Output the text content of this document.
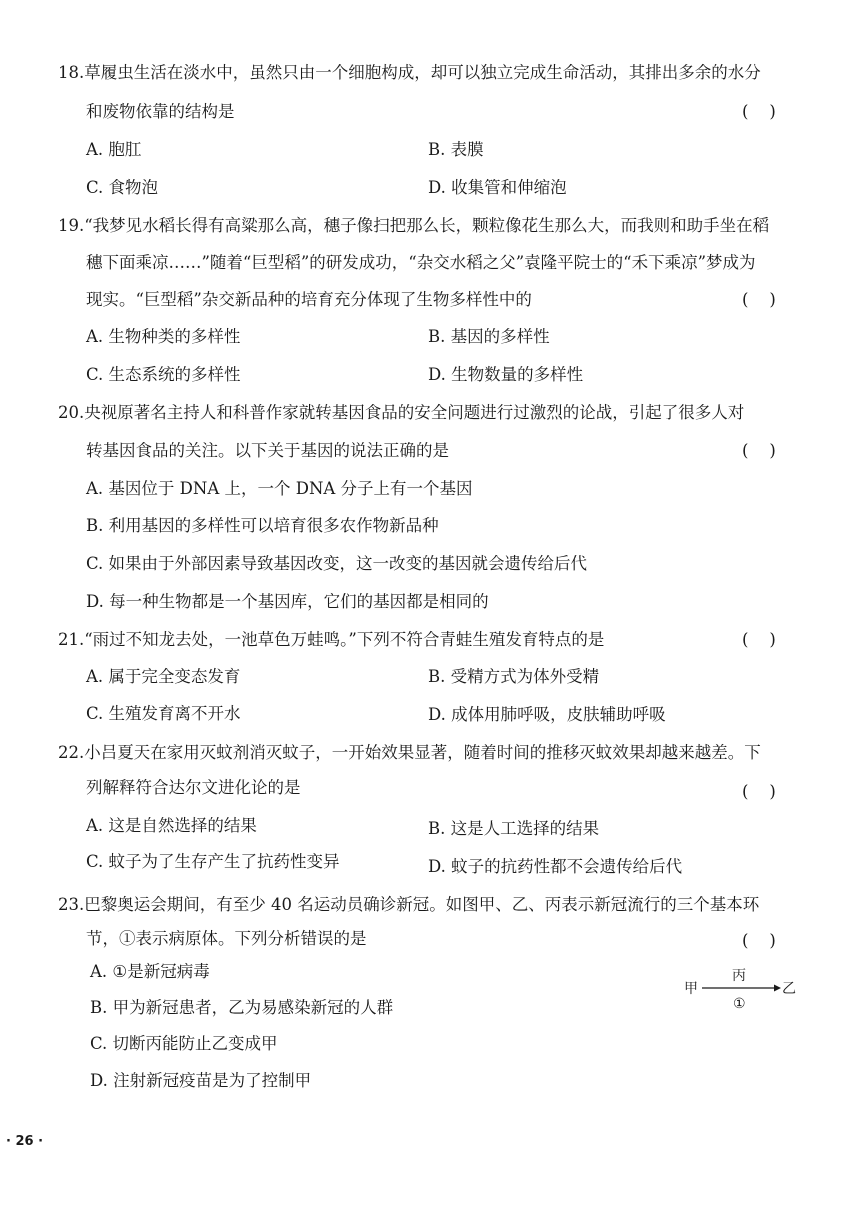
18.草履虫生活在淡水中，虽然只由一个细胞构成，却可以独立完成生命活动，其排出多余的水分
和废物依靠的结构是	(    )
A. 胞肛	B. 表膜
C. 食物泡	D. 收集管和伸缩泡
19.“我梦见水稻长得有高粱那么高，穗子像扫把那么长，颗粒像花生那么大，而我则和助手坐在稻
穗下面乘凉……”随着“巨型稻”的研发成功，“杂交水稻之父”袁隆平院士的“禾下乘凉”梦成为
现实。“巨型稻”杂交新品种的培育充分体现了生物多样性中的	(    )
A. 生物种类的多样性	B. 基因的多样性
C. 生态系统的多样性	D. 生物数量的多样性
20.央视原著名主持人和科普作家就转基因食品的安全问题进行过激烈的论战，引起了很多人对
转基因食品的关注。以下关于基因的说法正确的是	(    )
A. 基因位于 DNA 上，一个 DNA 分子上有一个基因
B. 利用基因的多样性可以培育很多农作物新品种
C. 如果由于外部因素导致基因改变，这一改变的基因就会遗传给后代
D. 每一种生物都是一个基因库，它们的基因都是相同的
21.“雨过不知龙去处，一池草色万蛙鸣。”下列不符合青蛙生殖发育特点的是	(    )
A. 属于完全变态发育	B. 受精方式为体外受精
C. 生殖发育离不开水	D. 成体用肺呼吸，皮肤辅助呼吸
22.小吕夏天在家用灭蚊剂消灭蚊子，一开始效果显著，随着时间的推移灭蚊效果却越来越差。下
列解释符合达尔文进化论的是	(    )
A. 这是自然选择的结果	B. 这是人工选择的结果
C. 蚊子为了生存产生了抗药性变异	D. 蚊子的抗药性都不会遗传给后代
23.巴黎奥运会期间，有至少 40 名运动员确诊新冠。如图甲、乙、丙表示新冠流行的三个基本环
节，①表示病原体。下列分析错误的是	(    )
A. ①是新冠病毒
B. 甲为新冠患者，乙为易感染新冠的人群
C. 切断丙能防止乙变成甲
D. 注射新冠疫苗是为了控制甲
甲	乙
丙
①
· 26 ·
